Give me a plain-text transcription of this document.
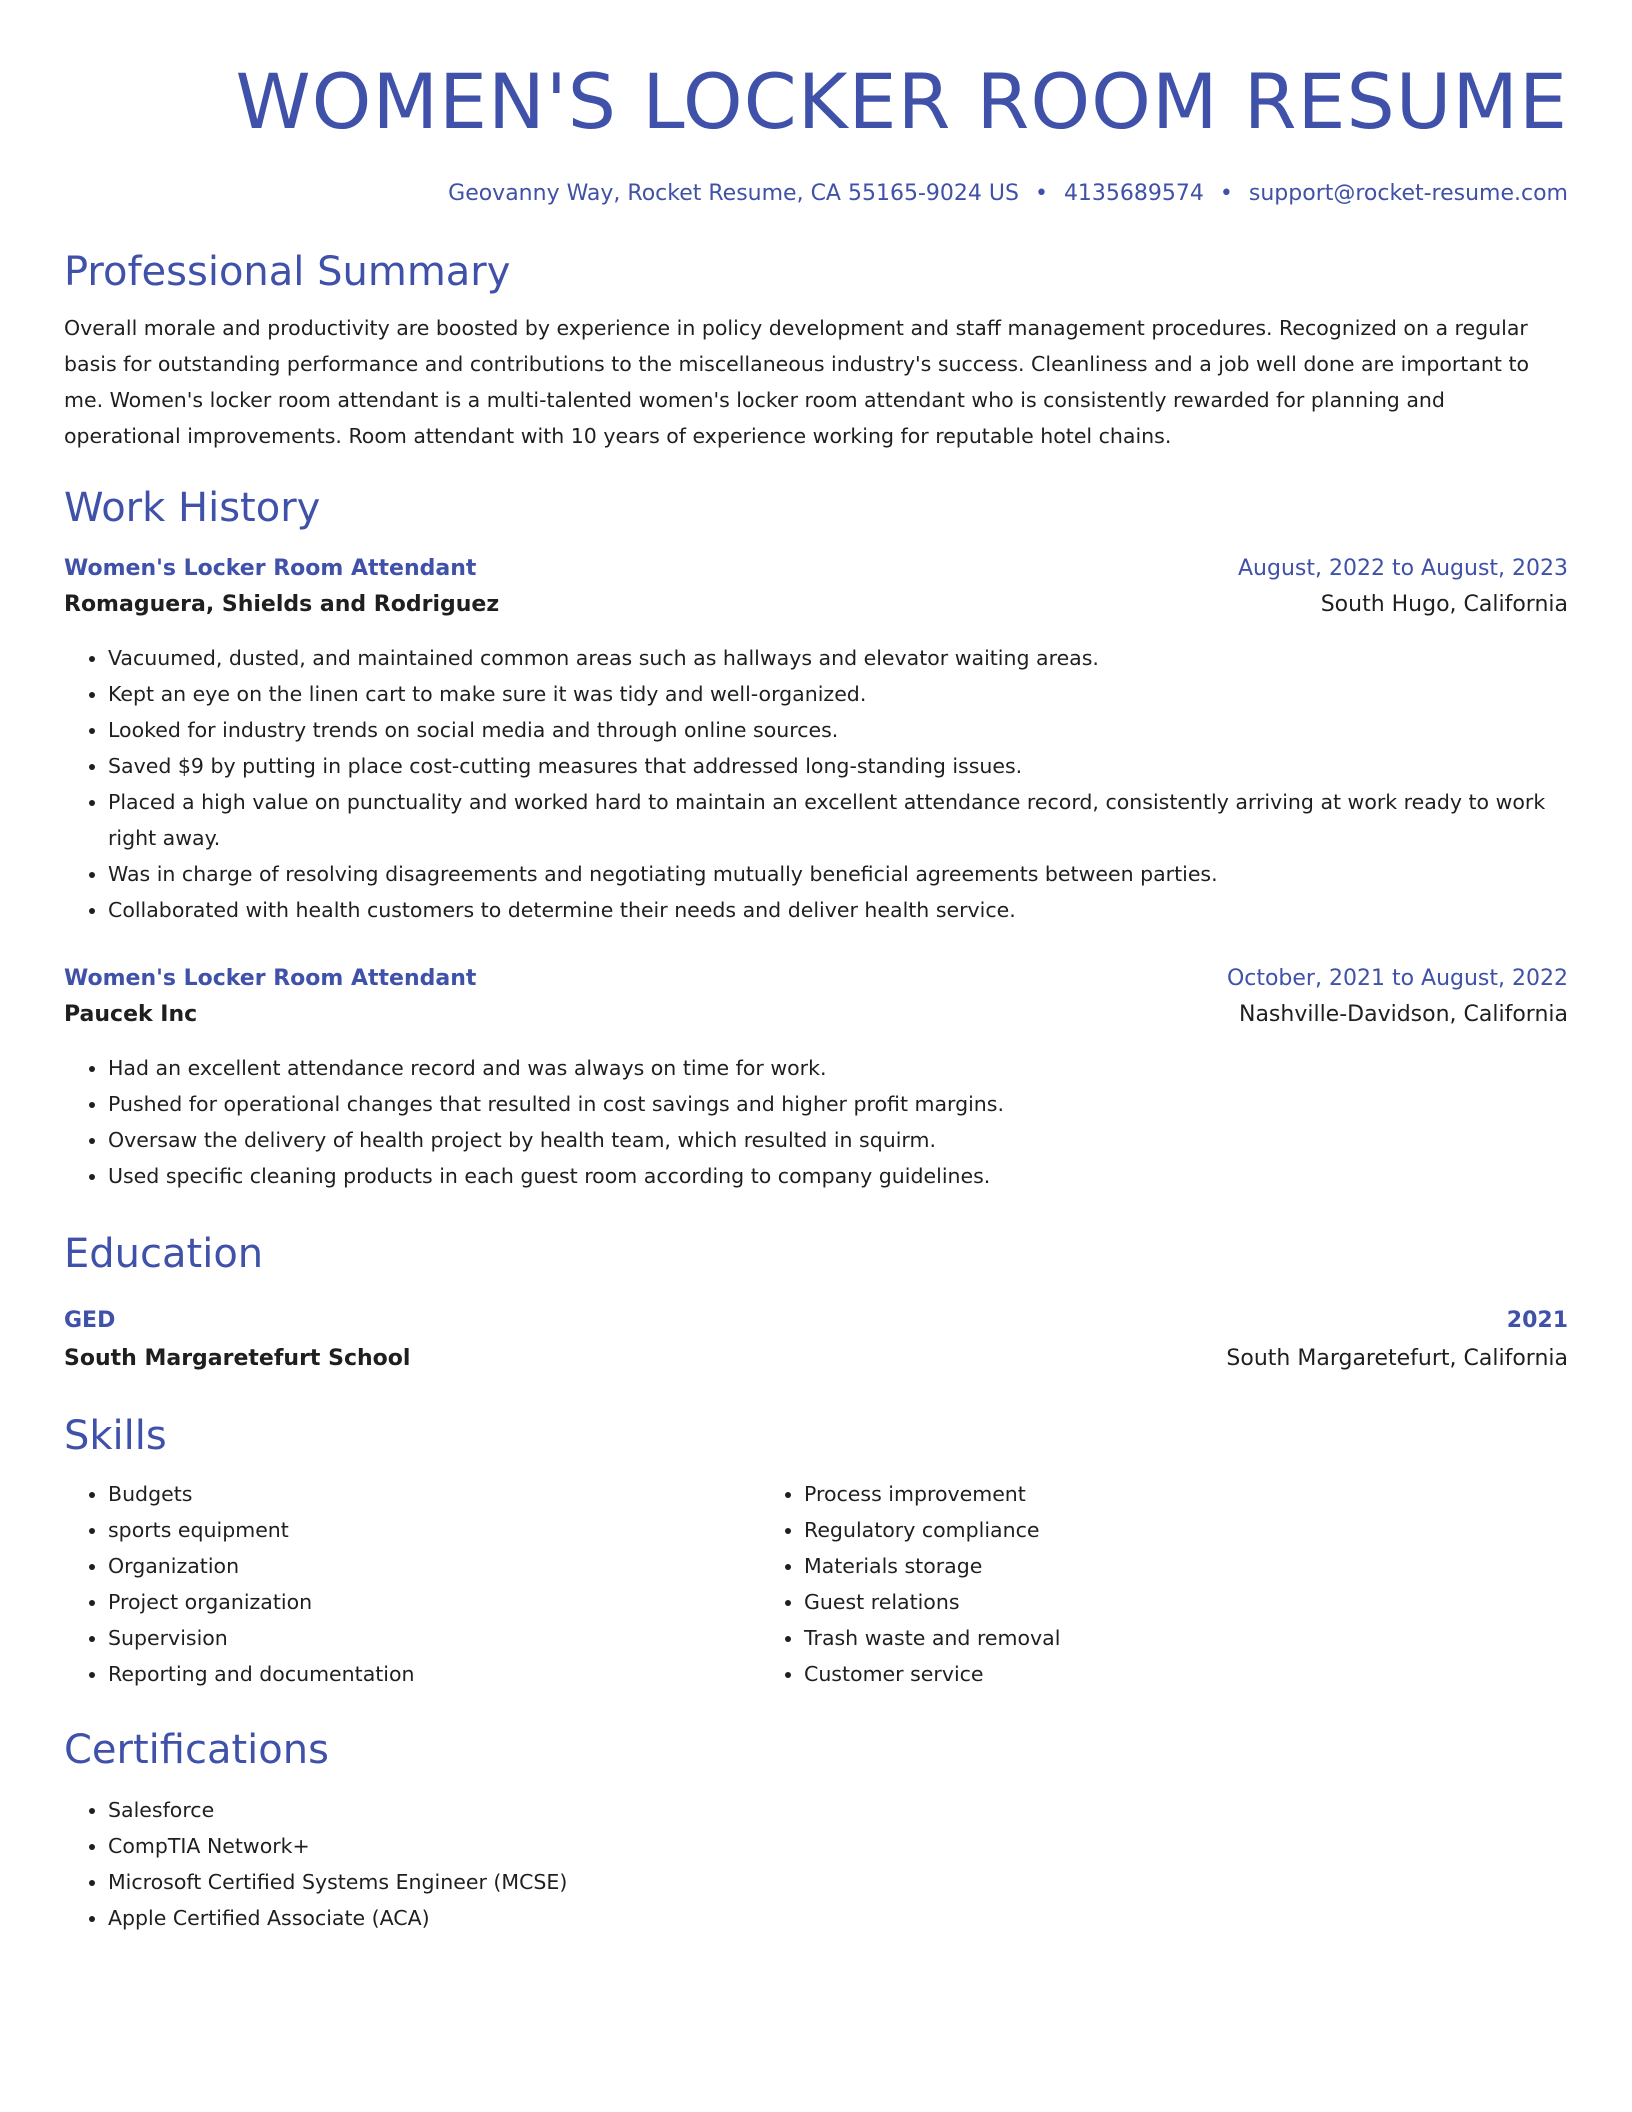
WOMEN'S LOCKER ROOM RESUME
Geovanny Way, Rocket Resume, CA 55165-9024 US • 4135689574 • support@rocket-resume.com
Professional Summary

Overall morale and productivity are boosted by experience in policy development and staff management procedures. Recognized on a regular basis for outstanding performance and contributions to the miscellaneous industry's success. Cleanliness and a job well done are important to me. Women's locker room attendant is a multi-talented women's locker room attendant who is consistently rewarded for planning and operational improvements. Room attendant with 10 years of experience working for reputable hotel chains.

Work History
Women's Locker Room Attendant	August, 2022 to August, 2023
Romaguera, Shields and Rodriguez	South Hugo, California
• Vacuumed, dusted, and maintained common areas such as hallways and elevator waiting areas.
• Kept an eye on the linen cart to make sure it was tidy and well-organized.
• Looked for industry trends on social media and through online sources.
• Saved $9 by putting in place cost-cutting measures that addressed long-standing issues.
• Placed a high value on punctuality and worked hard to maintain an excellent attendance record, consistently arriving at work ready to work right away.
• Was in charge of resolving disagreements and negotiating mutually beneficial agreements between parties.
• Collaborated with health customers to determine their needs and deliver health service.
Women's Locker Room Attendant	October, 2021 to August, 2022
Paucek Inc	Nashville-Davidson, California
• Had an excellent attendance record and was always on time for work.
• Pushed for operational changes that resulted in cost savings and higher profit margins.
• Oversaw the delivery of health project by health team, which resulted in squirm.
• Used specific cleaning products in each guest room according to company guidelines.
Education
GED	2021
South Margaretefurt School	South Margaretefurt, California
Skills
• Budgets
• sports equipment
• Organization
• Project organization
• Supervision
• Reporting and documentation
• Process improvement
• Regulatory compliance
• Materials storage
• Guest relations
• Trash waste and removal
• Customer service
Certifications
• Salesforce
• CompTIA Network+
• Microsoft Certified Systems Engineer (MCSE)
• Apple Certified Associate (ACA)
